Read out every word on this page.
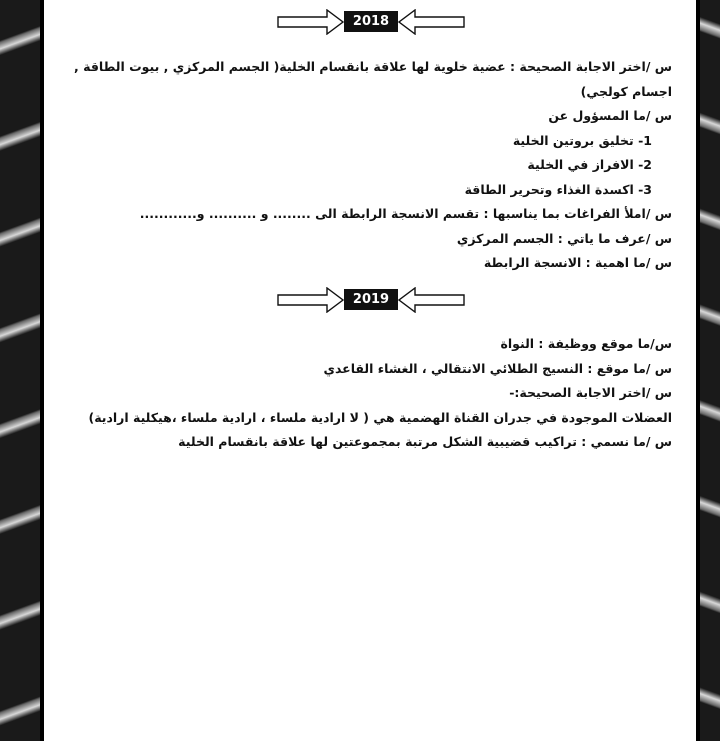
2018
س /اختر الاجابة الصحيحة : عضية خلوية لها علاقة بانقسام الخلية( الجسم المركزي , بيوت الطاقة , اجسام كولجي)
س /ما المسؤول عن
1- تخليق بروتين الخلية
2- الافراز في الخلية
3- اكسدة الغذاء وتحرير الطاقة
س /املأ الفراغات بما يناسبها : تقسم الانسجة الرابطة الى ........ و .......... و............
س /عرف ما ياتي : الجسم المركزي
س /ما اهمية : الانسجة الرابطة
2019
س/ما موقع ووظيفة : النواة
س /ما موقع : النسيج الطلائي الانتقالي ، الغشاء القاعدي
س /اختر الاجابة الصحيحة:-
العضلات الموجودة في جدران القناة الهضمية هي ( لا ارادية ملساء ، ارادية ملساء ،هيكلية ارادية)
س /ما نسمي : تراكيب قضيبية الشكل مرتبة بمجموعتين لها علاقة بانقسام الخلية
